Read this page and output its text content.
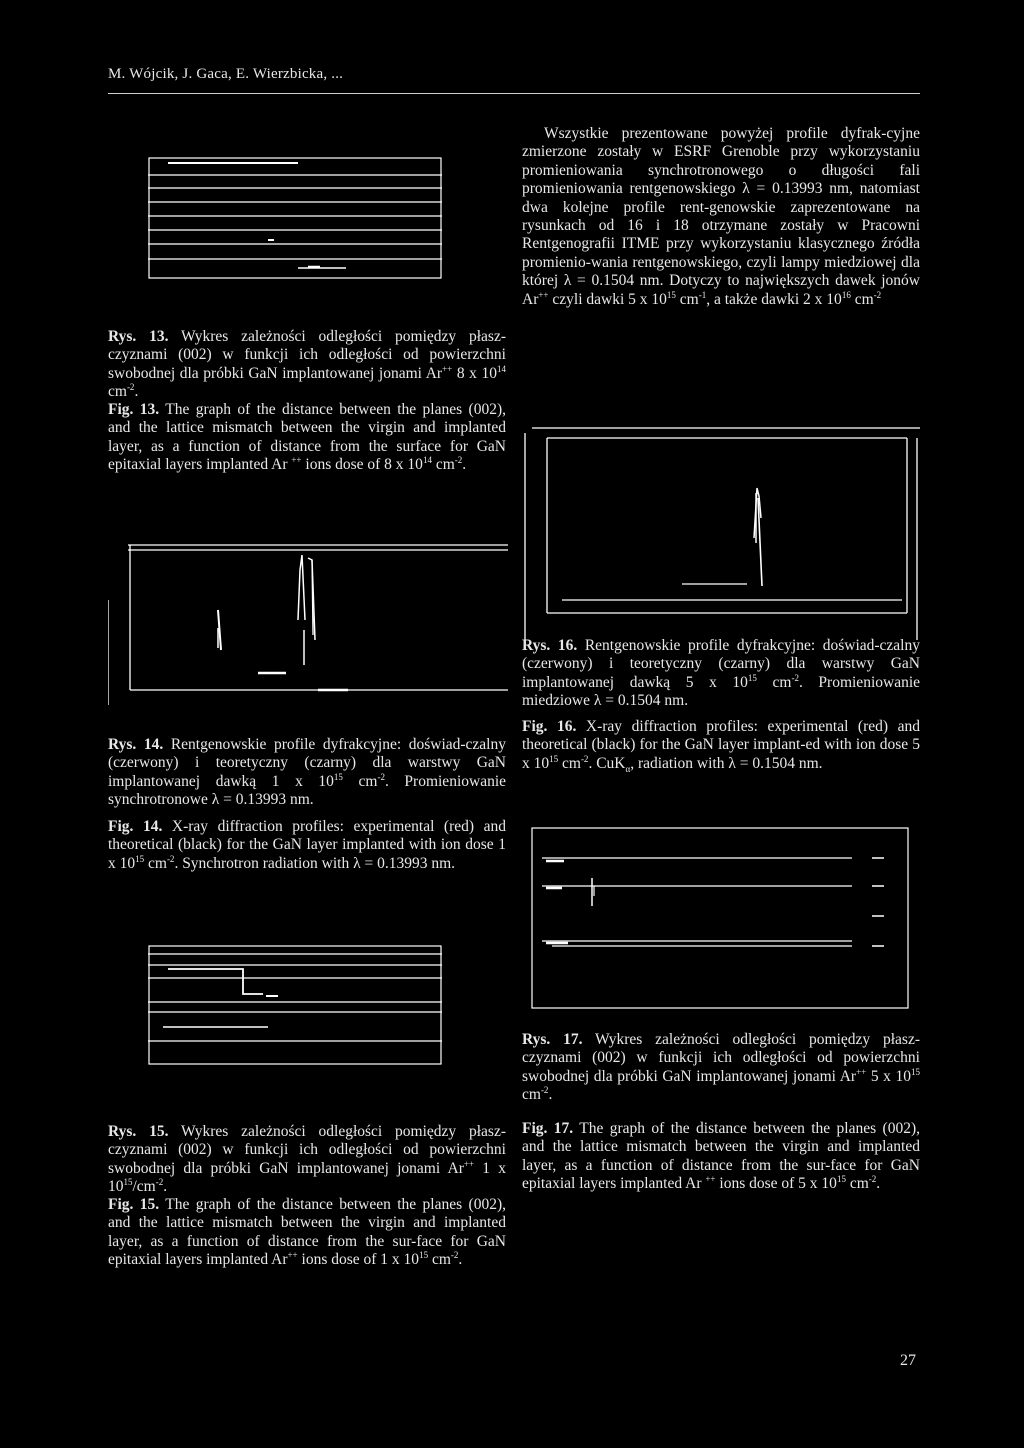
M. Wójcik, J. Gaca, E. Wierzbicka, ...
Rys. 13. Wykres zależności odległości pomiędzy płasz-czyznami (002) w funkcji ich odległości od powierzchni swobodnej dla próbki GaN implantowanej jonami Ar++ 8 x $10^{14}$ $cm^{-2}$.
Fig. 13. The graph of the distance between the planes (002), and the lattice mismatch between the virgin and implanted layer, as a function of distance from the surface for GaN epitaxial layers implanted Ar ++ ions dose of 8 x $10^{14}$ $cm^{-2}$.
Rys. 14. Rentgenowskie profile dyfrakcyjne: doświad-czalny (czerwony) i teoretyczny (czarny) dla warstwy GaN implantowanej dawką 1 x $10^{15}$ $cm^{-2}$. Promieniowanie synchrotronowe λ = 0.13993 nm.
Fig. 14. X-ray diffraction profiles: experimental (red) and theoretical (black) for the GaN layer implanted with ion dose 1 x $10^{15}$ $cm^{-2}$. Synchrotron radiation with λ = 0.13993 nm.
Rys. 15. Wykres zależności odległości pomiędzy płasz-czyznami (002) w funkcji ich odległości od powierzchni swobodnej dla próbki GaN implantowanej jonami Ar++ 1 x $10^{15}/cm^{-2}$.
Fig. 15. The graph of the distance between the planes (002), and the lattice mismatch between the virgin and implanted layer, as a function of distance from the sur-face for GaN epitaxial layers implanted Ar++ ions dose of 1 x $10^{15}$ $cm^{-2}$.
Wszystkie prezentowane powyżej profile dyfrak-cyjne zmierzone zostały w ESRF Grenoble przy wykorzystaniu promieniowania synchrotronowego o długości fali promieniowania rentgenowskiego λ = 0.13993 nm, natomiast dwa kolejne profile rent-genowskie zaprezentowane na rysunkach od 16 i 18 otrzymane zostały w Pracowni Rentgenografii ITME przy wykorzystaniu klasycznego źródła promienio-wania rentgenowskiego, czyli lampy miedziowej dla której λ = 0.1504 nm. Dotyczy to największych dawek jonów Ar++ czyli dawki 5 x $10^{15}$ $cm^{-1}$, a także dawki 2 x $10^{16}$ $cm^{-2}$
Rys. 16. Rentgenowskie profile dyfrakcyjne: doświad-czalny (czerwony) i teoretyczny (czarny) dla warstwy GaN implantowanej dawką 5 x $10^{15}$ $cm^{-2}$. Promieniowanie miedziowe λ = 0.1504 nm.
Fig. 16. X-ray diffraction profiles: experimental (red) and theoretical (black) for the GaN layer implant-ed with ion dose 5 x $10^{15}$ $cm^{-2}$. CuK$_\alpha$, radiation with λ = 0.1504 nm.
Rys. 17. Wykres zależności odległości pomiędzy płasz-czyznami (002) w funkcji ich odległości od powierzchni swobodnej dla próbki GaN implantowanej jonami Ar++ 5 x $10^{15}$ $cm^{-2}$.
Fig. 17. The graph of the distance between the planes (002), and the lattice mismatch between the virgin and implanted layer, as a function of distance from the sur-face for GaN epitaxial layers implanted Ar ++ ions dose of 5 x $10^{15}$ $cm^{-2}$.
27
